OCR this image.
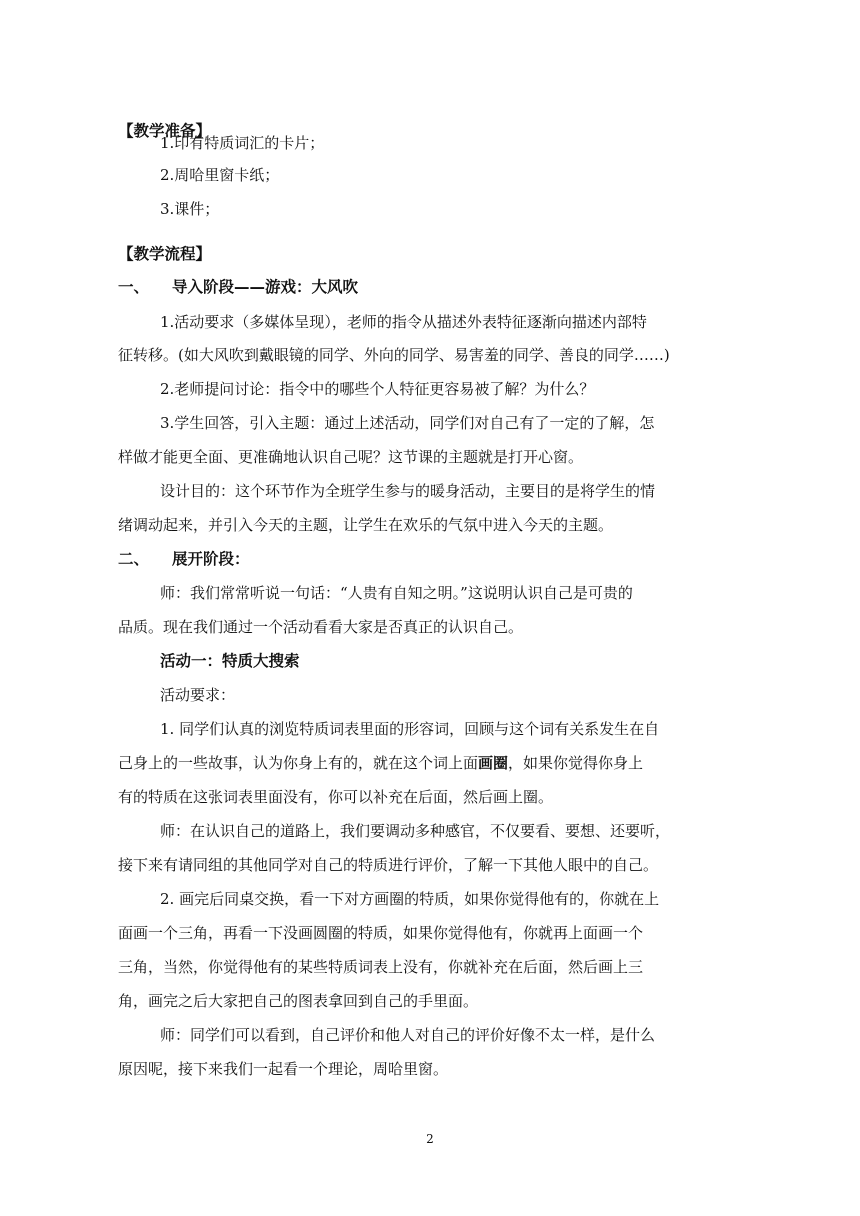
【教学准备】
1.印有特质词汇的卡片；
2.周哈里窗卡纸；
3.课件；
【教学流程】
一、	导入阶段——游戏：大风吹
1.活动要求（多媒体呈现），老师的指令从描述外表特征逐渐向描述内部特
征转移。(如大风吹到戴眼镜的同学、外向的同学、易害羞的同学、善良的同学……)
2.老师提问讨论：指令中的哪些个人特征更容易被了解？为什么？
3.学生回答，引入主题：通过上述活动，同学们对自己有了一定的了解，怎
样做才能更全面、更准确地认识自己呢？这节课的主题就是打开心窗。
设计目的：这个环节作为全班学生参与的暖身活动，主要目的是将学生的情
绪调动起来，并引入今天的主题，让学生在欢乐的气氛中进入今天的主题。
二、	展开阶段：
师：我们常常听说一句话：“人贵有自知之明。”这说明认识自己是可贵的
品质。现在我们通过一个活动看看大家是否真正的认识自己。
活动一：特质大搜索
活动要求：
1. 同学们认真的浏览特质词表里面的形容词，回顾与这个词有关系发生在自
己身上的一些故事，认为你身上有的，就在这个词上面画圈，如果你觉得你身上
有的特质在这张词表里面没有，你可以补充在后面，然后画上圈。
师：在认识自己的道路上，我们要调动多种感官，不仅要看、要想、还要听，
接下来有请同组的其他同学对自己的特质进行评价，了解一下其他人眼中的自己。
2. 画完后同桌交换，看一下对方画圈的特质，如果你觉得他有的，你就在上
面画一个三角，再看一下没画圆圈的特质，如果你觉得他有，你就再上面画一个
三角，当然，你觉得他有的某些特质词表上没有，你就补充在后面，然后画上三
角，画完之后大家把自己的图表拿回到自己的手里面。
师：同学们可以看到，自己评价和他人对自己的评价好像不太一样，是什么
原因呢，接下来我们一起看一个理论，周哈里窗。
2
